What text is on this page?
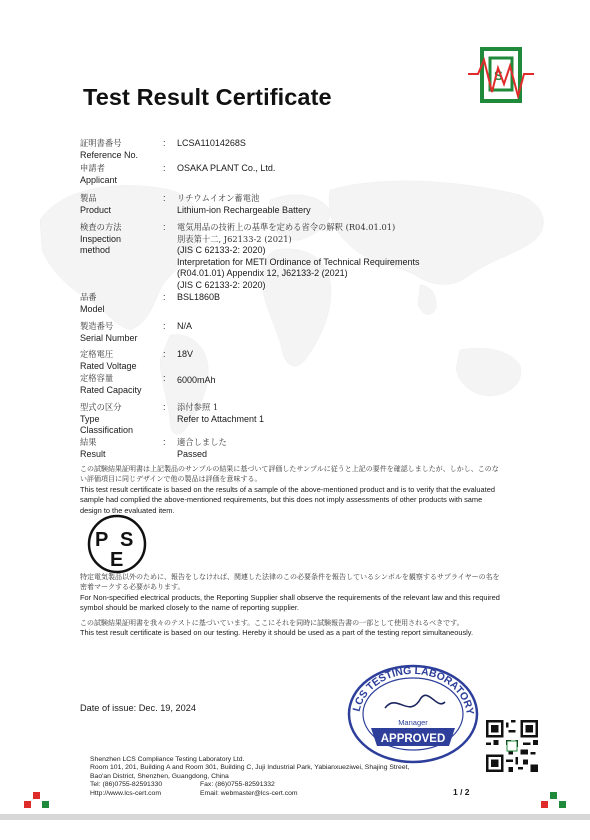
S
Test Result Certificate
証明書番号
Reference No.
: LCSA11014268S
申請者
Applicant
: OSAKA PLANT Co., Ltd.
製品
Product
: リチウムイオン蓄電池
Lithium-ion Rechargeable Battery
検査の方法
Inspection method
: 電気用品の技術上の基準を定める省令の解釈 (R04.01.01)
別表第十二, J62133-2 (2021)
(JIS C 62133-2: 2020)
Interpretation for METI Ordinance of Technical Requirements
(R04.01.01) Appendix 12, J62133-2 (2021)
(JIS C 62133-2: 2020)
品番
Model
: BSL1860B
製造番号
Serial Number
: N/A
定格電圧
Rated Voltage
: 18V
定格容量
Rated Capacity
: 6000mAh
型式の区分
Type Classification
: 添付参照 1
Refer to Attachment 1
結果
Result
: 適合しました
Passed
この試験結果証明書は上記製品のサンプルの結果に基づいて評価したサンプルに従うと上記の要件を確認しましたが、しかし、このない評価項目に同じデザインで他の製品は評価を意味する。
This test result certificate is based on the results of a sample of the above-mentioned product and is to verify that the evaluated sample had complied the above-mentioned requirements, but this does not imply assessments of other products with same design to the evaluated item.
P S
E
特定電気製品以外のために、報告をしなければ、関連した法律のこの必要条件を報告しているシンボルを観察するサプライヤーの名を密着マークする必要があります。
For Non-specified electrical products, the Reporting Supplier shall observe the requirements of the relevant law and this required symbol should be marked closely to the name of reporting supplier.
この試験結果証明書を我々のテストに基づいています。ここにそれを同時に試験報告書の一部として使用されるべきです。
This test result certificate is based on our testing. Hereby it should be used as a part of the testing report simultaneously.
Date of issue: Dec. 19, 2024	LCS TESTING LABORATORY
Manager
APPROVED
Shenzhen LCS Compliance Testing Laboratory Ltd.
Room 101, 201, Building A and Room 301, Building C, Juji Industrial Park, Yabianxueziwei, Shajing Street,
Bao'an District, Shenzhen, Guangdong, China
Tel: (86)0755-82591330	Fax: (86)0755-82591332
Http://www.lcs-cert.com	Email: webmaster@lcs-cert.com	1 / 2
